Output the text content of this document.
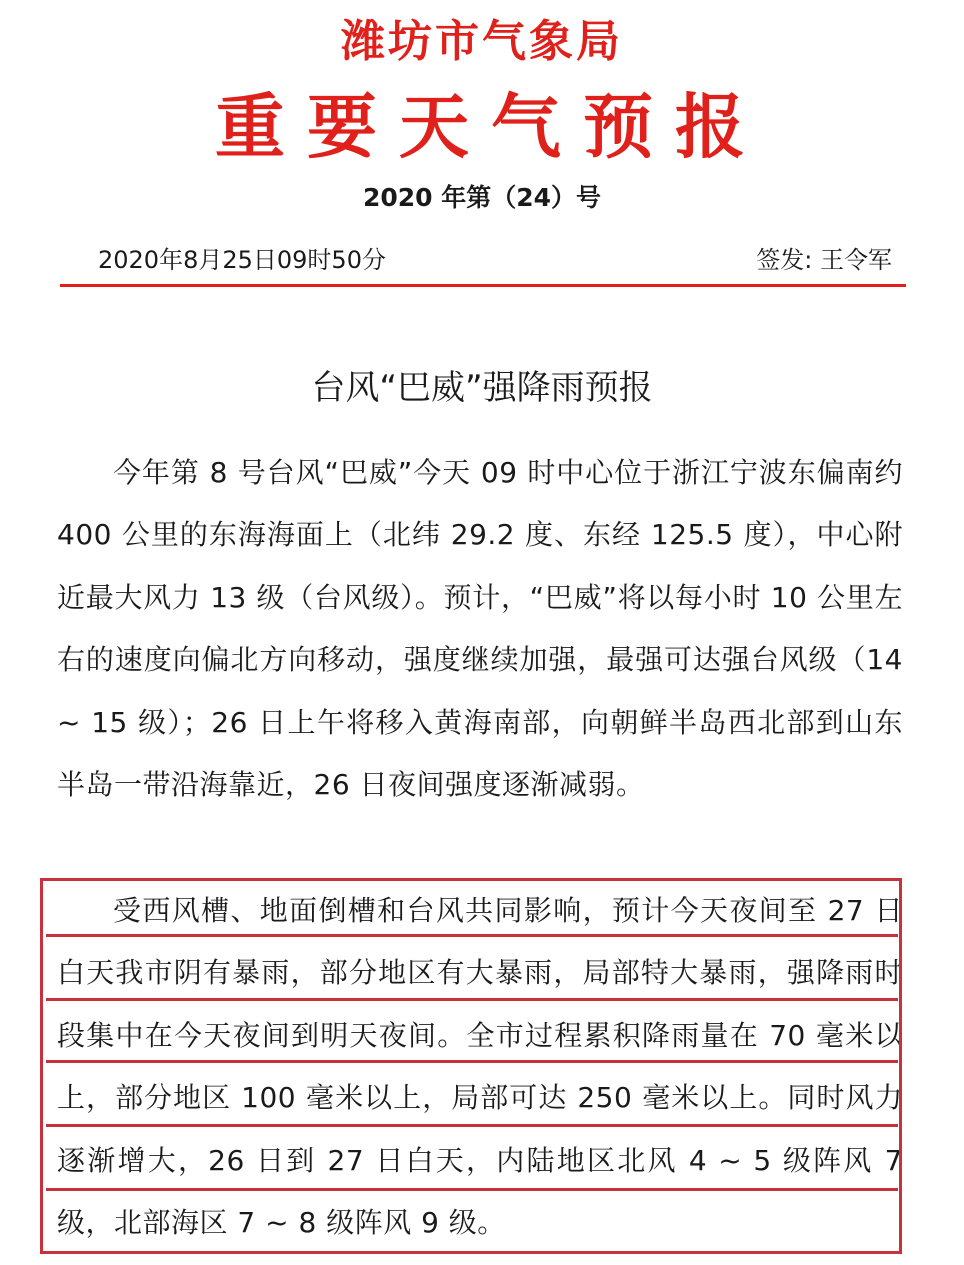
潍坊市气象局
重要天气预报
2020 年第（24）号
2020年8月25日09时50分	签发: 王令军
台风“巴威”强降雨预报
今年第 8 号台风“巴威”今天 09 时中心位于浙江宁波东偏南约 400 公里的东海海面上（北纬 29.2 度、东经 125.5 度），中心附近最大风力 13 级（台风级）。预计，“巴威”将以每小时 10 公里左右的速度向偏北方向移动，强度继续加强，最强可达强台风级（14 ~ 15 级）；26 日上午将移入黄海南部，向朝鲜半岛西北部到山东半岛一带沿海靠近，26 日夜间强度逐渐减弱。
受西风槽、地面倒槽和台风共同影响，预计今天夜间至 27 日白天我市阴有暴雨，部分地区有大暴雨，局部特大暴雨，强降雨时段集中在今天夜间到明天夜间。全市过程累积降雨量在 70 毫米以上，部分地区 100 毫米以上，局部可达 250 毫米以上。同时风力逐渐增大，26 日到 27 日白天，内陆地区北风 4 ~ 5 级阵风 7 级，北部海区 7 ~ 8 级阵风 9 级。
